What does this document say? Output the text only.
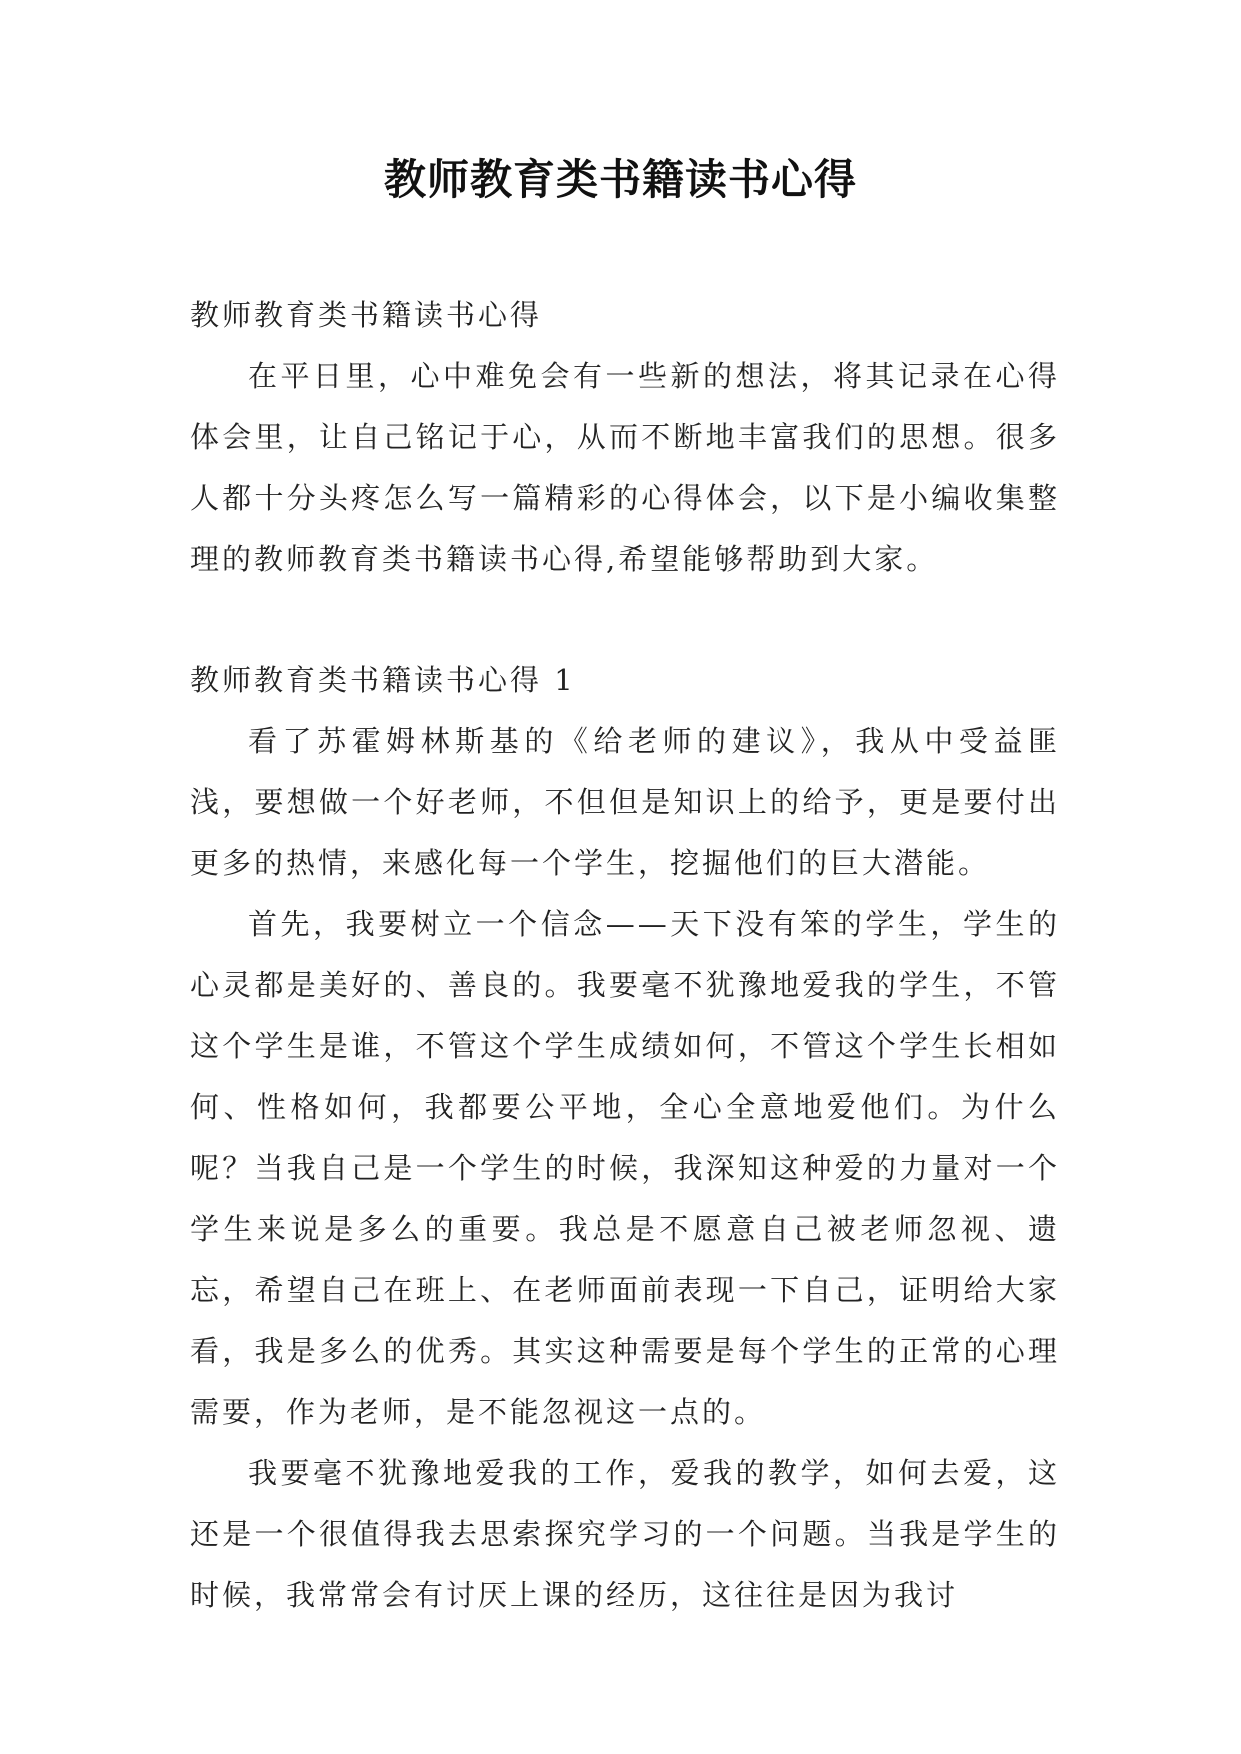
教师教育类书籍读书心得

教师教育类书籍读书心得

在平日里，心中难免会有一些新的想法，将其记录在心得体会里，让自己铭记于心，从而不断地丰富我们的思想。很多人都十分头疼怎么写一篇精彩的心得体会，以下是小编收集整理的教师教育类书籍读书心得,希望能够帮助到大家。

教师教育类书籍读书心得 1

看了苏霍姆林斯基的《给老师的建议》，我从中受益匪浅，要想做一个好老师，不但但是知识上的给予，更是要付出更多的热情，来感化每一个学生，挖掘他们的巨大潜能。

首先，我要树立一个信念——天下没有笨的学生，学生的心灵都是美好的、善良的。我要毫不犹豫地爱我的学生，不管这个学生是谁，不管这个学生成绩如何，不管这个学生长相如何、性格如何，我都要公平地，全心全意地爱他们。为什么呢？当我自己是一个学生的时候，我深知这种爱的力量对一个学生来说是多么的重要。我总是不愿意自己被老师忽视、遗忘，希望自己在班上、在老师面前表现一下自己，证明给大家看，我是多么的优秀。其实这种需要是每个学生的正常的心理需要，作为老师，是不能忽视这一点的。

我要毫不犹豫地爱我的工作，爱我的教学，如何去爱，这还是一个很值得我去思索探究学习的一个问题。当我是学生的时候，我常常会有讨厌上课的经历，这往往是因为我讨
